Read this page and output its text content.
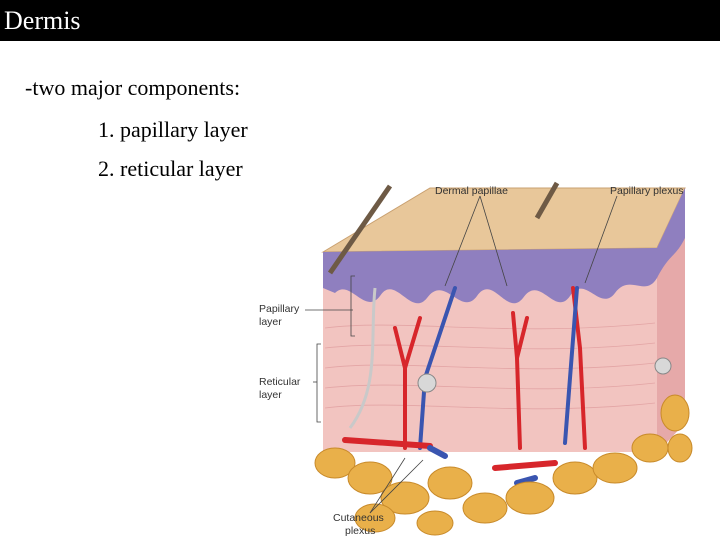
Dermis
-two major components:
1. papillary layer
2. reticular layer
Dermal papillae	Papillary plexus
Papillary
layer
Reticular
layer
Cutaneous
plexus
